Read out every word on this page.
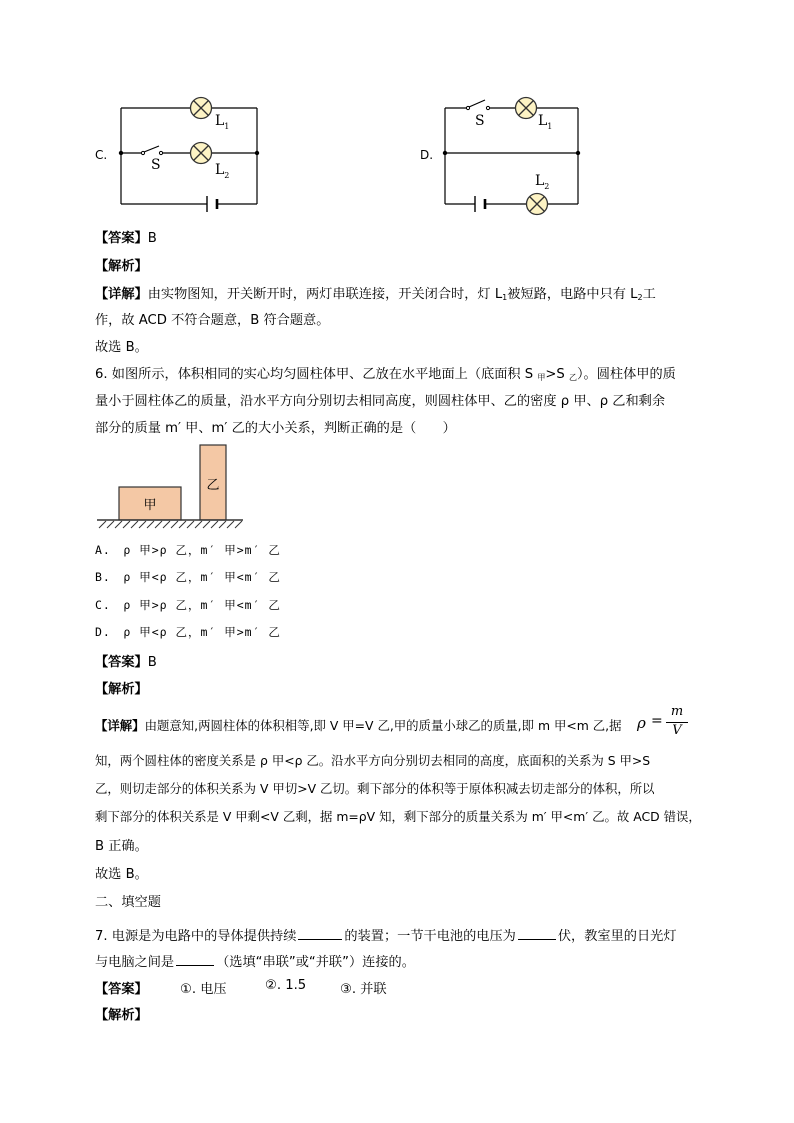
C.
$L_1$
$L_2$
S
D.
$L_1$
$L_2$
S
【答案】B
【解析】
【详解】由实物图知，开关断开时，两灯串联连接，开关闭合时，灯 $L_1$被短路，电路中只有 $L_2$工
作，故 ACD 不符合题意，B 符合题意。
故选 B。
6. 如图所示，体积相同的实心均匀圆柱体甲、乙放在水平地面上（底面积 S $_甲$>S $_乙$）。圆柱体甲的质
量小于圆柱体乙的质量，沿水平方向分别切去相同高度，则圆柱体甲、乙的密度 ρ 甲、ρ 乙和剩余
部分的质量 m′ 甲、m′ 乙的大小关系，判断正确的是（　　）
甲
乙
A.　ρ 甲>ρ 乙，m′ 甲>m′ 乙
B.　ρ 甲<ρ 乙，m′ 甲<m′ 乙
C.　ρ 甲>ρ 乙，m′ 甲<m′ 乙
D.　ρ 甲<ρ 乙，m′ 甲>m′ 乙
【答案】B
【解析】
【详解】由题意知,两圆柱体的体积相等,即 V 甲=V 乙,甲的质量小球乙的质量,即 m 甲<m 乙,据 ρ =
m
V
知，两个圆柱体的密度关系是 ρ 甲<ρ 乙。沿水平方向分别切去相同的高度，底面积的关系为 S 甲>S
乙，则切走部分的体积关系为 V 甲切>V 乙切。剩下部分的体积等于原体积减去切走部分的体积，所以
剩下部分的体积关系是 V 甲剩<V 乙剩，据 m=ρV 知，剩下部分的质量关系为 m′ 甲<m′ 乙。故 ACD 错误，
B 正确。
故选 B。
二、填空题
7. 电源是为电路中的导体提供持续	的装置；一节干电池的电压为	伏，教室里的日光灯
与电脑之间是	（选填“串联”或“并联”）连接的。
【答案】 ①. 电压	②. 1.5	③. 并联
【解析】
